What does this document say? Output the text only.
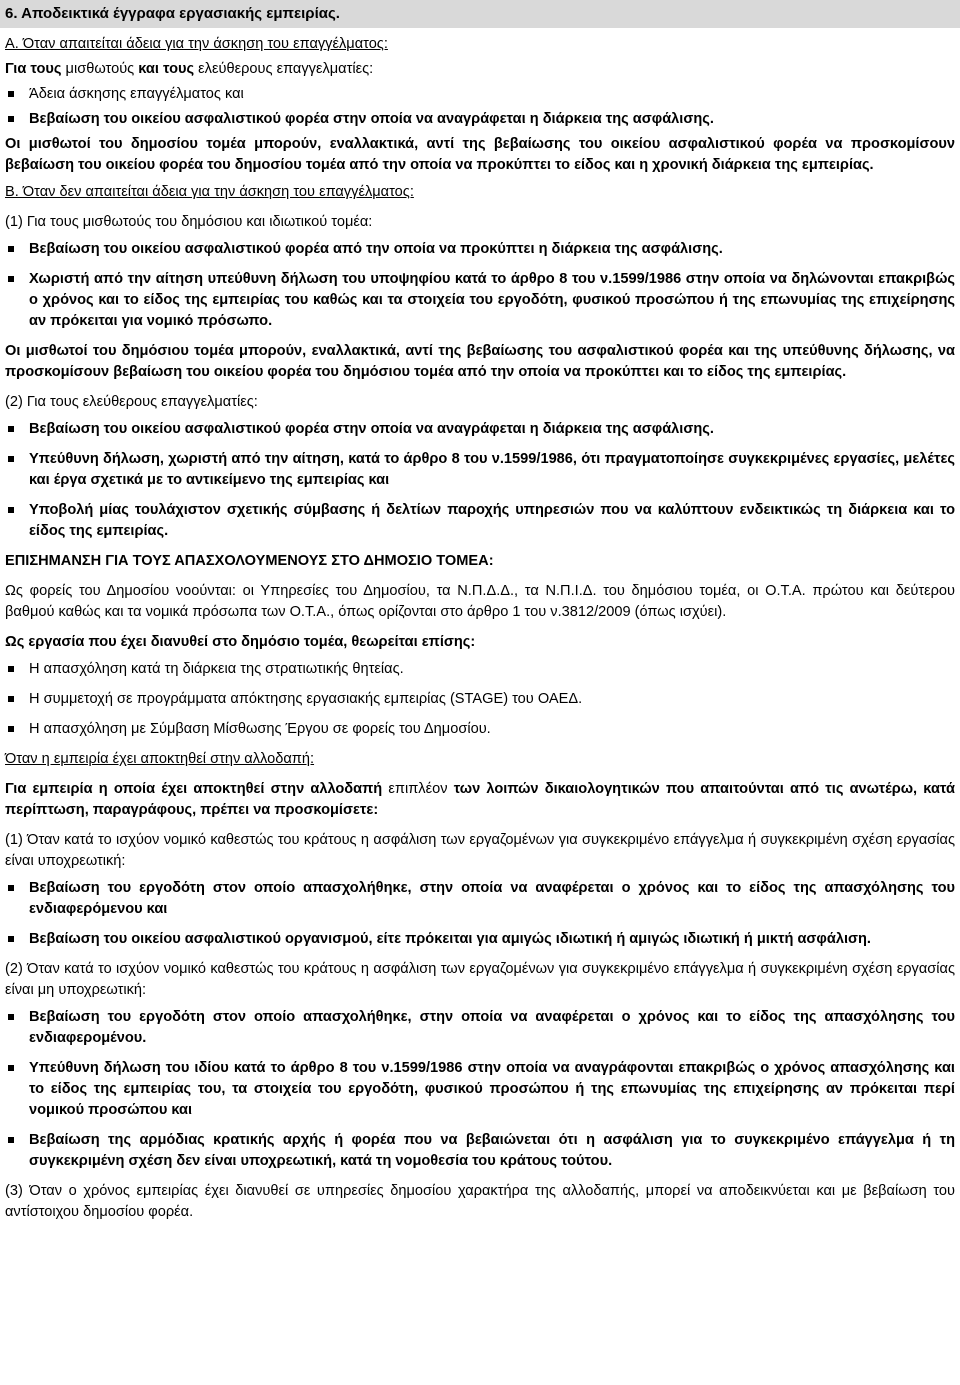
6. Αποδεικτικά έγγραφα εργασιακής εμπειρίας.

Α. Όταν απαιτείται άδεια για την άσκηση του επαγγέλματος:

Για τους μισθωτούς και τους ελεύθερους επαγγελματίες:

Άδεια άσκησης επαγγέλματος και
Βεβαίωση του οικείου ασφαλιστικού φορέα στην οποία να αναγράφεται η διάρκεια της ασφάλισης.

Οι μισθωτοί του δημοσίου τομέα μπορούν, εναλλακτικά, αντί της βεβαίωσης του οικείου ασφαλιστικού φορέα να προσκομίσουν βεβαίωση του οικείου φορέα του δημοσίου τομέα από την οποία να προκύπτει το είδος και η χρονική διάρκεια της εμπειρίας.

Β. Όταν δεν απαιτείται άδεια για την άσκηση του επαγγέλματος:

(1) Για τους μισθωτούς του δημόσιου και ιδιωτικού τομέα:

Βεβαίωση του οικείου ασφαλιστικού φορέα από την οποία να προκύπτει η διάρκεια της ασφάλισης.
Χωριστή από την αίτηση υπεύθυνη δήλωση του υποψηφίου κατά το άρθρο 8 του ν.1599/1986 στην οποία να δηλώνονται επακριβώς ο χρόνος και το είδος της εμπειρίας του καθώς και τα στοιχεία του εργοδότη, φυσικού προσώπου ή της επωνυμίας της επιχείρησης αν πρόκειται για νομικό πρόσωπο.

Οι μισθωτοί του δημόσιου τομέα μπορούν, εναλλακτικά, αντί της βεβαίωσης του ασφαλιστικού φορέα και της υπεύθυνης δήλωσης, να προσκομίσουν βεβαίωση του οικείου φορέα του δημόσιου τομέα από την οποία να προκύπτει και το είδος της εμπειρίας.

(2) Για τους ελεύθερους επαγγελματίες:

Βεβαίωση του οικείου ασφαλιστικού φορέα στην οποία να αναγράφεται η διάρκεια της ασφάλισης.
Υπεύθυνη δήλωση, χωριστή από την αίτηση, κατά το άρθρο 8 του ν.1599/1986, ότι πραγματοποίησε συγκεκριμένες εργασίες, μελέτες και έργα σχετικά με το αντικείμενο της εμπειρίας και
Υποβολή μίας τουλάχιστον σχετικής σύμβασης ή δελτίων παροχής υπηρεσιών που να καλύπτουν ενδεικτικώς τη διάρκεια και το είδος της εμπειρίας.

ΕΠΙΣΗΜΑΝΣΗ ΓΙΑ ΤΟΥΣ ΑΠΑΣΧΟΛΟΥΜΕΝΟΥΣ ΣΤΟ ΔΗΜΟΣΙΟ ΤΟΜΕΑ:

Ως φορείς του Δημοσίου νοούνται: οι Υπηρεσίες του Δημοσίου, τα Ν.Π.Δ.Δ., τα Ν.Π.Ι.Δ. του δημόσιου τομέα, οι Ο.Τ.Α. πρώτου και δεύτερου βαθμού καθώς και τα νομικά πρόσωπα των Ο.Τ.Α., όπως ορίζονται στο άρθρο 1 του ν.3812/2009 (όπως ισχύει).

Ως εργασία που έχει διανυθεί στο δημόσιο τομέα, θεωρείται επίσης:

Η απασχόληση κατά τη διάρκεια της στρατιωτικής θητείας.
Η συμμετοχή σε προγράμματα απόκτησης εργασιακής εμπειρίας (STAGE) του ΟΑΕΔ.
Η απασχόληση με Σύμβαση Μίσθωσης Έργου σε φορείς του Δημοσίου.

Όταν η εμπειρία έχει αποκτηθεί στην αλλοδαπή:

Για εμπειρία η οποία έχει αποκτηθεί στην αλλοδαπή επιπλέον των λοιπών δικαιολογητικών που απαιτούνται από τις ανωτέρω, κατά περίπτωση, παραγράφους, πρέπει να προσκομίσετε:

(1) Όταν κατά το ισχύον νομικό καθεστώς του κράτους η ασφάλιση των εργαζομένων για συγκεκριμένο επάγγελμα ή συγκεκριμένη σχέση εργασίας είναι υποχρεωτική:

Βεβαίωση του εργοδότη στον οποίο απασχολήθηκε, στην οποία να αναφέρεται ο χρόνος και το είδος της απασχόλησης του ενδιαφερόμενου και
Βεβαίωση του οικείου ασφαλιστικού οργανισμού, είτε πρόκειται για αμιγώς ιδιωτική ή αμιγώς ιδιωτική ή μικτή ασφάλιση.

(2) Όταν κατά το ισχύον νομικό καθεστώς του κράτους η ασφάλιση των εργαζομένων για συγκεκριμένο επάγγελμα ή συγκεκριμένη σχέση εργασίας είναι μη υποχρεωτική:

Βεβαίωση του εργοδότη στον οποίο απασχολήθηκε, στην οποία να αναφέρεται ο χρόνος και το είδος της απασχόλησης του ενδιαφερομένου.
Υπεύθυνη δήλωση του ιδίου κατά το άρθρο 8 του ν.1599/1986 στην οποία να αναγράφονται επακριβώς ο χρόνος απασχόλησης και το είδος της εμπειρίας του, τα στοιχεία του εργοδότη, φυσικού προσώπου ή της επωνυμίας της επιχείρησης αν πρόκειται περί νομικού προσώπου και
Βεβαίωση της αρμόδιας κρατικής αρχής ή φορέα που να βεβαιώνεται ότι η ασφάλιση για το συγκεκριμένο επάγγελμα ή τη συγκεκριμένη σχέση δεν είναι υποχρεωτική, κατά τη νομοθεσία του κράτους τούτου.

(3) Όταν ο χρόνος εμπειρίας έχει διανυθεί σε υπηρεσίες δημοσίου χαρακτήρα της αλλοδαπής, μπορεί να αποδεικνύεται και με βεβαίωση του αντίστοιχου δημοσίου φορέα.
